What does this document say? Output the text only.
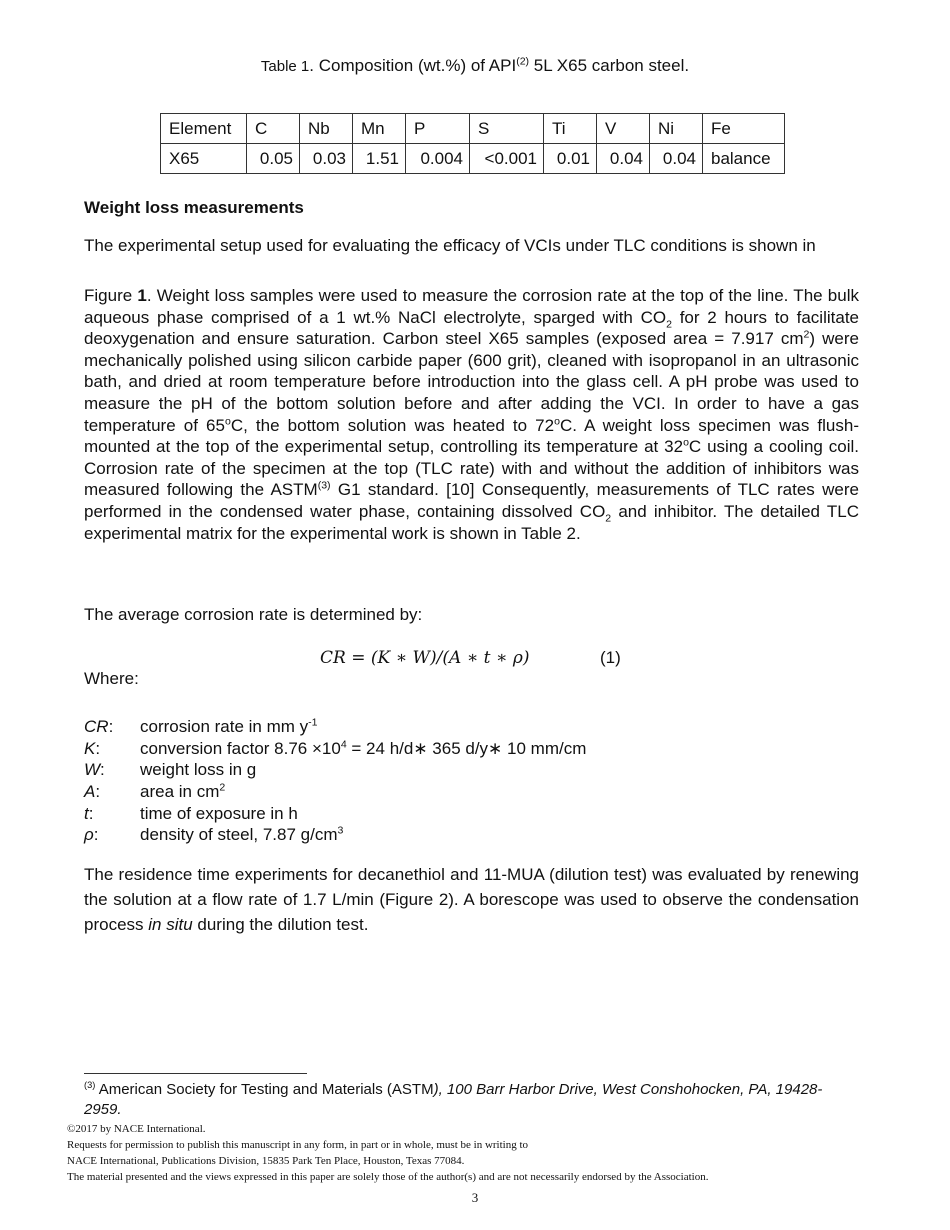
Table 1. Composition (wt.%) of API$^{(2)}$ 5L X65 carbon steel.
Element	C	Nb	Mn	P	S	Ti	V	Ni	Fe
X65	0.05	0.03	1.51	0.004	<0.001	0.01	0.04	0.04	balance
Weight loss measurements
The experimental setup used for evaluating the efficacy of VCIs under TLC conditions is shown in
Figure 1. Weight loss samples were used to measure the corrosion rate at the top of the line. The bulk aqueous phase comprised of a 1 wt.% NaCl electrolyte, sparged with $CO_2$ for 2 hours to facilitate deoxygenation and ensure saturation. Carbon steel X65 samples (exposed area = 7.917 $cm^2$) were mechanically polished using silicon carbide paper (600 grit), cleaned with isopropanol in an ultrasonic bath, and dried at room temperature before introduction into the glass cell. A pH probe was used to measure the pH of the bottom solution before and after adding the VCI. In order to have a gas temperature of 65$^o$C, the bottom solution was heated to 72$^o$C. A weight loss specimen was flush-mounted at the top of the experimental setup, controlling its temperature at 32$^o$C using a cooling coil. Corrosion rate of the specimen at the top (TLC rate) with and without the addition of inhibitors was measured following the ASTM$^{(3)}$ G1 standard. [10] Consequently, measurements of TLC rates were performed in the condensed water phase, containing dissolved $CO_2$ and inhibitor. The detailed TLC experimental matrix for the experimental work is shown in Table 2.
The average corrosion rate is determined by:
CR = (K ∗ W)/(A ∗ t ∗ ρ)	(1)
Where:
CR: corrosion rate in mm $y^{-1}$
K: conversion factor $8.76 \times 10^4 = 24$ h/d∗ 365 d/y∗ 10 mm/cm
W: weight loss in g
A: area in $cm^2$
t:	time of exposure in h
ρ: density of steel, 7.87 $g/cm^3$
The residence time experiments for decanethiol and 11-MUA (dilution test) was evaluated by renewing the solution at a flow rate of 1.7 L/min (Figure 2). A borescope was used to observe the condensation process in situ during the dilution test.
$^{(3)}$ American Society for Testing and Materials (ASTM), 100 Barr Harbor Drive, West Conshohocken, PA, 19428-2959.
©2017 by NACE International.
Requests for permission to publish this manuscript in any form, in part or in whole, must be in writing to
NACE International, Publications Division, 15835 Park Ten Place, Houston, Texas 77084.
The material presented and the views expressed in this paper are solely those of the author(s) and are not necessarily endorsed by the Association.
3
